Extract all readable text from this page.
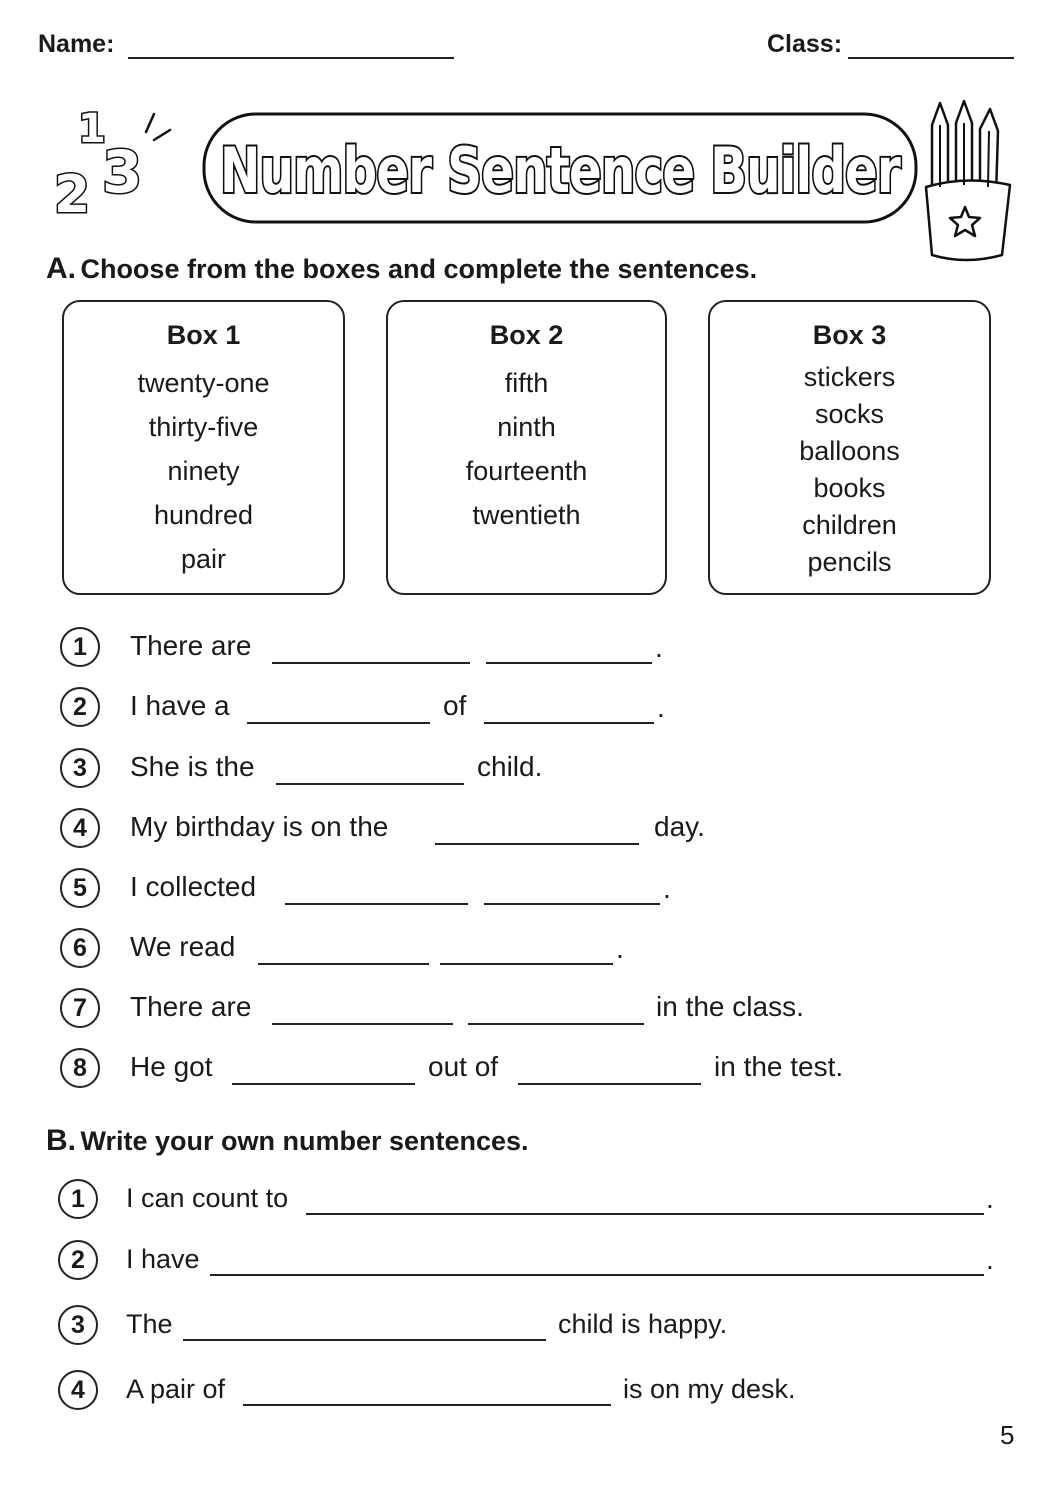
Name:	Class:
1
2 3 Number Sentence Builder
A. Choose from the boxes and complete the sentences.
Box 1
twenty-one
thirty-five
ninety
hundred
pair
Box 2
fifth
ninth
fourteenth
twentieth
Box 3
stickers
socks
balloons
books
children
pencils
1	There are	.
2	I have a	of	.
3	She is the	child.
4	My birthday is on the	day.
5	I collected	.
6	We read	.
7	There are	in the class.
8	He got	out of	in the test.
B. Write your own number sentences.
1	I can count to	.
2	I have	.
3	The	child is happy.
4	A pair of	is on my desk.
5
